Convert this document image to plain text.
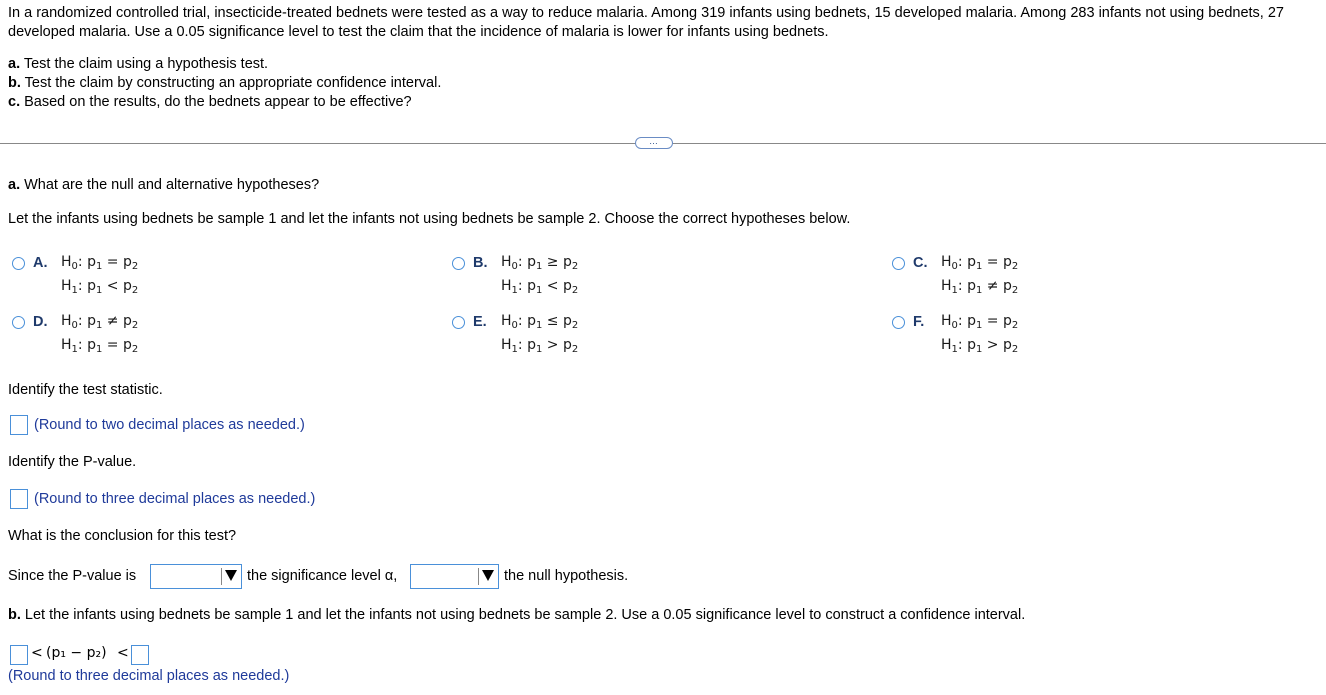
In a randomized controlled trial, insecticide-treated bednets were tested as a way to reduce malaria. Among 319 infants using bednets, 15 developed malaria. Among 283 infants not using bednets, 27 developed malaria. Use a 0.05 significance level to test the claim that the incidence of malaria is lower for infants using bednets.
a. Test the claim using a hypothesis test.
b. Test the claim by constructing an appropriate confidence interval.
c. Based on the results, do the bednets appear to be effective?
…
a. What are the null and alternative hypotheses?
Let the infants using bednets be sample 1 and let the infants not using bednets be sample 2. Choose the correct hypotheses below.
A. $H_0$: $p_1 = p_2$
$H_1$: $p_1 < p_2$
B. $H_0$: $p_1 \ge p_2$
$H_1$: $p_1 < p_2$
C. $H_0$: $p_1 = p_2$
$H_1$: $p_1 \ne p_2$
D. $H_0$: $p_1 \ne p_2$
$H_1$: $p_1 = p_2$
E. $H_0$: $p_1 \le p_2$
$H_1$: $p_1 > p_2$
F. $H_0$: $p_1 = p_2$
$H_1$: $p_1 > p_2$
Identify the test statistic.
(Round to two decimal places as needed.)
Identify the P-value.
(Round to three decimal places as needed.)
What is the conclusion for this test?
Since the P-value is	the significance level α,	the null hypothesis.
b. Let the infants using bednets be sample 1 and let the infants not using bednets be sample 2. Use a 0.05 significance level to construct a confidence interval.
< (p₁ − p₂) <
(Round to three decimal places as needed.)
